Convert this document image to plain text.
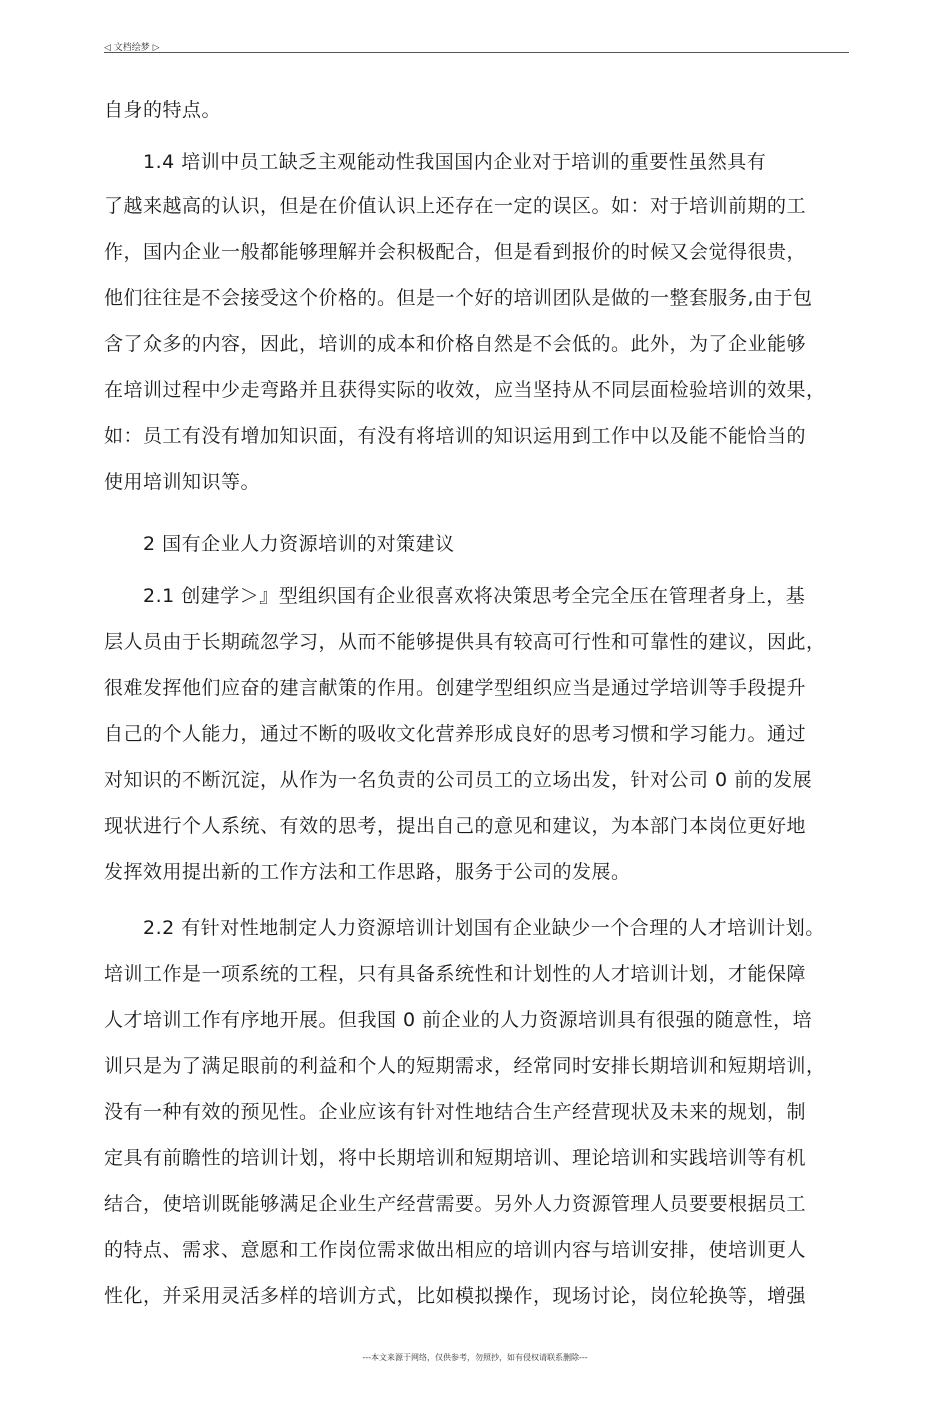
◁ 文档绘梦 ▷
自身的特点。
　　1.4 培训中员工缺乏主观能动性我国国内企业对于培训的重要性虽然具有
了越来越高的认识，但是在价值认识上还存在一定的误区。如：对于培训前期的工
作，国内企业一般都能够理解并会积极配合，但是看到报价的时候又会觉得很贵，
他们往往是不会接受这个价格的。但是一个好的培训团队是做的一整套服务,由于包
含了众多的内容，因此，培训的成本和价格自然是不会低的。此外，为了企业能够
在培训过程中少走弯路并且获得实际的收效，应当坚持从不同层面检验培训的效果，
如：员工有没有增加知识面，有没有将培训的知识运用到工作中以及能不能恰当的
使用培训知识等。
　　2 国有企业人力资源培训的对策建议
　　2.1 创建学＞』型组织国有企业很喜欢将决策思考全完全压在管理者身上，基
层人员由于长期疏忽学习，从而不能够提供具有较高可行性和可靠性的建议，因此，
很难发挥他们应奋的建言献策的作用。创建学型组织应当是通过学培训等手段提升
自己的个人能力，通过不断的吸收文化营养形成良好的思考习惯和学习能力。通过
对知识的不断沉淀，从作为一名负责的公司员工的立场出发，针对公司 0 前的发展
现状进行个人系统、有效的思考，提出自己的意见和建议，为本部门本岗位更好地
发挥效用提出新的工作方法和工作思路，服务于公司的发展。
　　2.2 有针对性地制定人力资源培训计划国有企业缺少一个合理的人才培训计划。
培训工作是一项系统的工程，只有具备系统性和计划性的人才培训计划，才能保障
人才培训工作有序地开展。但我国 0 前企业的人力资源培训具有很强的随意性，培
训只是为了满足眼前的利益和个人的短期需求，经常同时安排长期培训和短期培训，
没有一种有效的预见性。企业应该有针对性地结合生产经营现状及未来的规划，制
定具有前瞻性的培训计划，将中长期培训和短期培训、理论培训和实践培训等有机
结合，使培训既能够满足企业生产经营需要。另外人力资源管理人员要要根据员工
的特点、需求、意愿和工作岗位需求做出相应的培训内容与培训安排，使培训更人
性化，并采用灵活多样的培训方式，比如模拟操作，现场讨论，岗位轮换等，增强
---本文来源于网络，仅供参考，勿照抄，如有侵权请联系删除---
